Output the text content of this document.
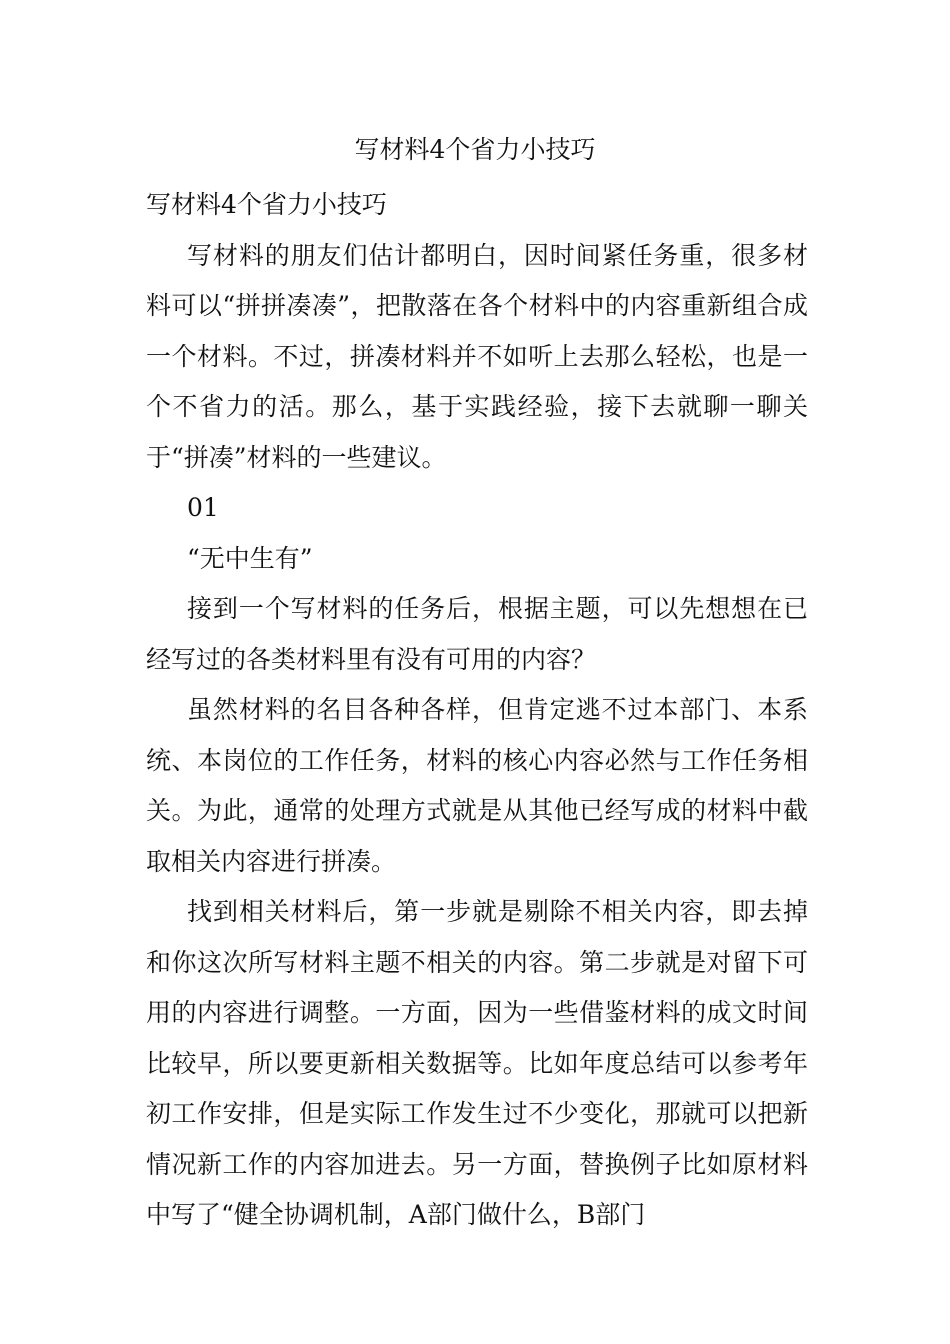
写材料4个省力小技巧

写材料4个省力小技巧

写材料的朋友们估计都明白，因时间紧任务重，很多材料可以“拼拼凑凑”，把散落在各个材料中的内容重新组合成一个材料。不过，拼凑材料并不如听上去那么轻松，也是一个不省力的活。那么，基于实践经验，接下去就聊一聊关于“拼凑”材料的一些建议。

01

“无中生有”

接到一个写材料的任务后，根据主题，可以先想想在已经写过的各类材料里有没有可用的内容？

虽然材料的名目各种各样，但肯定逃不过本部门、本系统、本岗位的工作任务，材料的核心内容必然与工作任务相关。为此，通常的处理方式就是从其他已经写成的材料中截取相关内容进行拼凑。

找到相关材料后，第一步就是剔除不相关内容，即去掉和你这次所写材料主题不相关的内容。第二步就是对留下可用的内容进行调整。一方面，因为一些借鉴材料的成文时间比较早，所以要更新相关数据等。比如年度总结可以参考年初工作安排，但是实际工作发生过不少变化，那就可以把新情况新工作的内容加进去。另一方面，替换例子比如原材料中写了“健全协调机制，A部门做什么，B部门
